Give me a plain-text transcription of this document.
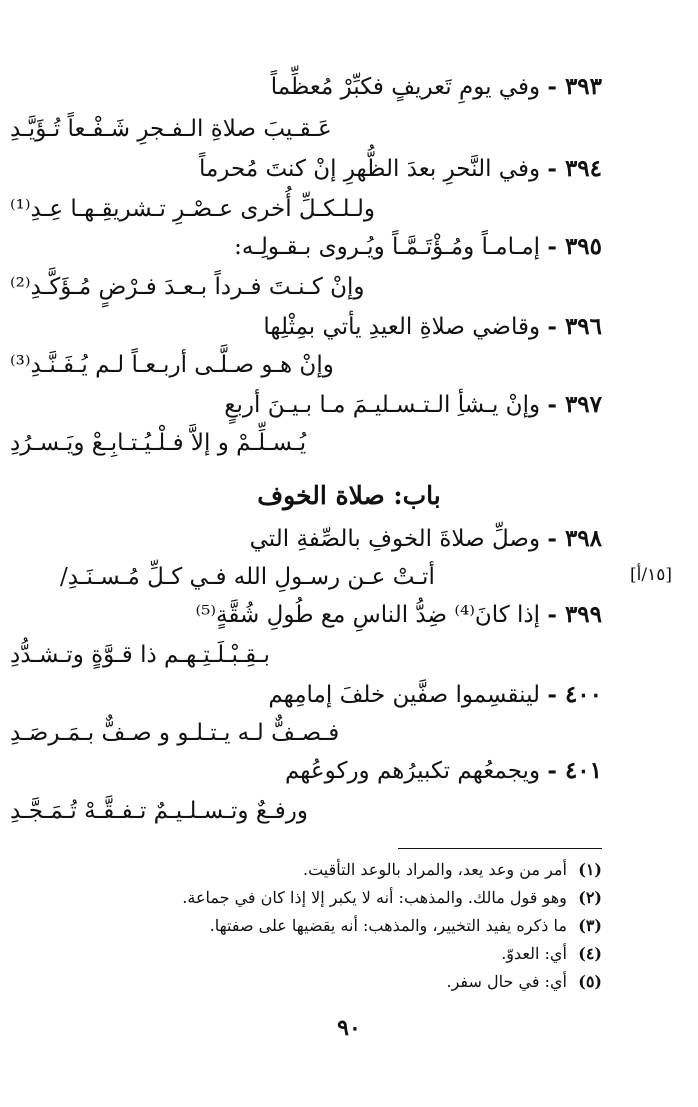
٣٩٣ - وفي يومِ تَعريفٍ فكبِّرْ مُعظِّماً
عَـقـيبَ صلاةِ الـفـجرِ شَـفْـعاً تُـؤَيَّـدِ
٣٩٤ - وفي النَّحرِ بعدَ الظُّهرِ إنْ كنتَ مُحرماً
ولـلـكـلِّ أُخرى عـصْـرِ تـشريقِـهـا عِـدِ⁽¹⁾
٣٩٥ - إمـامـاً ومُـؤْتَـمَّـاً ويُـروى بـقـولِـه:
وإنْ كـنـتَ فـرداً بـعـدَ فـرْضٍ مُـؤَكَّـدِ⁽²⁾
٣٩٦ - وقاضي صلاةِ العيدِ يأتي بمِثْلِها
وإنْ هـو صـلَّـى أربـعـاً لـم يُـفَـنَّـدِ⁽³⁾
٣٩٧ - وإنْ يـشأِ الـتـسـليـمَ مـا بـيـنَ أربعٍ
يُـسـلِّـمْ و إلاَّ فـلْـيُـتـابِـعْ ويَـسـرُدِ
باب: صلاة الخوف
٣٩٨ - وصلِّ صلاةَ الخوفِ بالصِّفةِ التي
أتـتْ عـن رسـولِ الله فـي كـلِّ مُـسـنَـدِ/	[١٥/أ]
٣٩٩ - إذا كانَ⁽⁴⁾ ضِدُّ الناسِ مع طُولِ شُقَّةٍ⁽⁵⁾
بـقِـبْـلَـتِـهـم ذا قـوَّةٍ وتـشـدُّدِ
٤٠٠ - لينقسِموا صفَّين خلفَ إمامِهم
فـصـفٌّ لـه يـتـلـو و صـفٌّ بـمَـرصَـدِ
٤٠١ - ويجمعُهم تكبيرُهم وركوعُهم
ورفـعٌ وتـسـلـيـمٌ تـفـقَّـهْ تُـمَـجَّـدِ
(١) أمر من وعد يعد، والمراد بالوعد التأقيت.
(٢) وهو قول مالك. والمذهب: أنه لا يكبر إلا إذا كان في جماعة.
(٣) ما ذكره يفيد التخيير، والمذهب: أنه يقضيها على صفتها.
(٤) أي: العدوّ.
(٥) أي: في حال سفر.
٩٠
